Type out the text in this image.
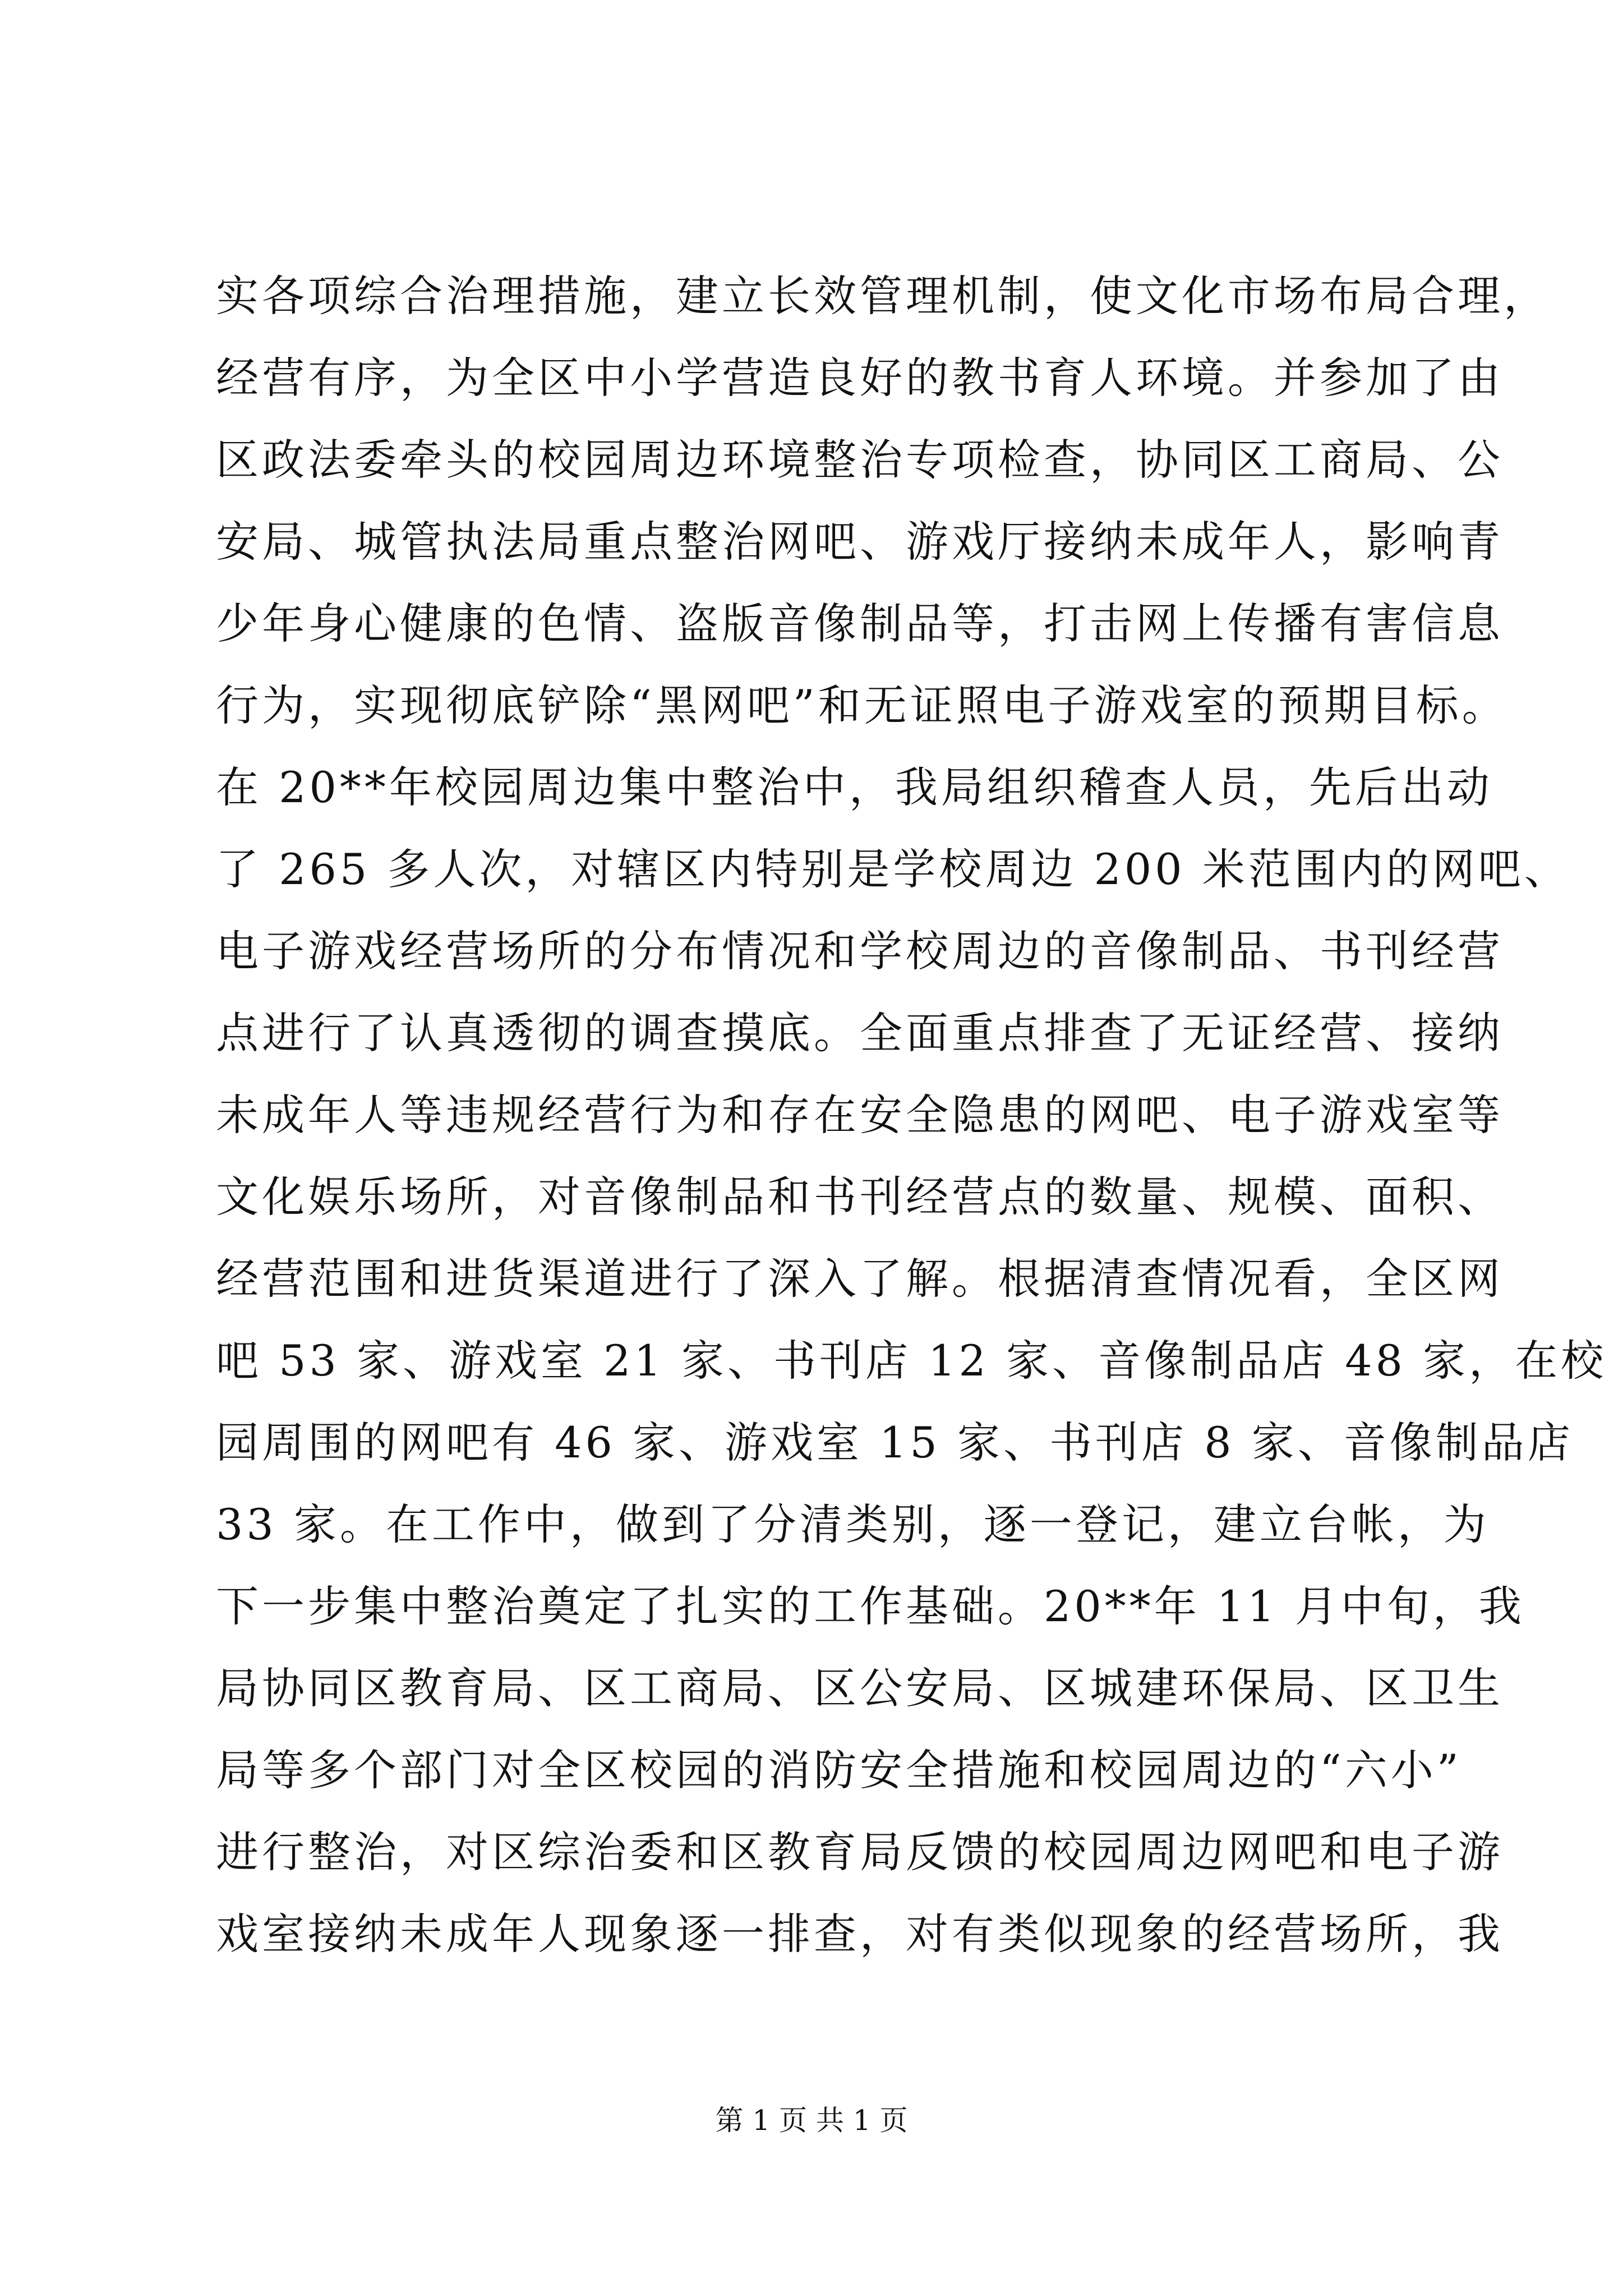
实各项综合治理措施，建立长效管理机制，使文化市场布局合理，
经营有序，为全区中小学营造良好的教书育人环境。并参加了由
区政法委牵头的校园周边环境整治专项检查，协同区工商局、公
安局、城管执法局重点整治网吧、游戏厅接纳未成年人，影响青
少年身心健康的色情、盗版音像制品等，打击网上传播有害信息
行为，实现彻底铲除“黑网吧”和无证照电子游戏室的预期目标。
在 20**年校园周边集中整治中，我局组织稽查人员，先后出动
了 265 多人次，对辖区内特别是学校周边 200 米范围内的网吧、
电子游戏经营场所的分布情况和学校周边的音像制品、书刊经营
点进行了认真透彻的调查摸底。全面重点排查了无证经营、接纳
未成年人等违规经营行为和存在安全隐患的网吧、电子游戏室等
文化娱乐场所，对音像制品和书刊经营点的数量、规模、面积、
经营范围和进货渠道进行了深入了解。根据清查情况看，全区网
吧 53 家、游戏室 21 家、书刊店 12 家、音像制品店 48 家，在校
园周围的网吧有 46 家、游戏室 15 家、书刊店 8 家、音像制品店
33 家。在工作中，做到了分清类别，逐一登记，建立台帐，为
下一步集中整治奠定了扎实的工作基础。20**年 11 月中旬，我
局协同区教育局、区工商局、区公安局、区城建环保局、区卫生
局等多个部门对全区校园的消防安全措施和校园周边的“六小”
进行整治，对区综治委和区教育局反馈的校园周边网吧和电子游
戏室接纳未成年人现象逐一排查，对有类似现象的经营场所，我
第 1 页 共 1 页
